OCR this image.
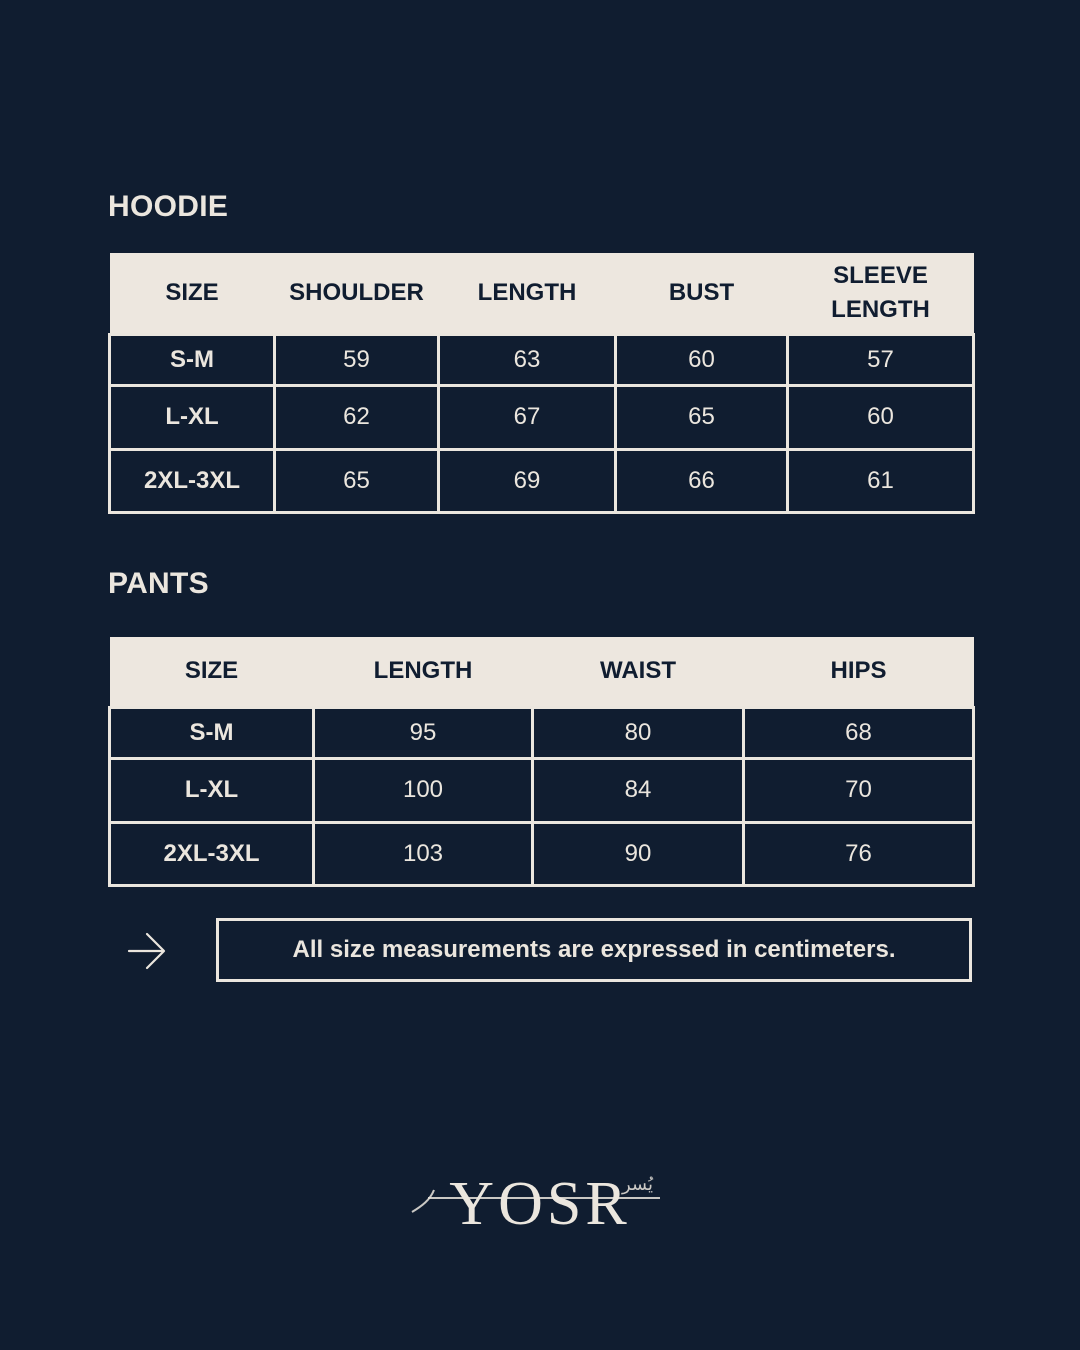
HOODIE
SIZE	SHOULDER	LENGTH	BUST	SLEEVE LENGTH
S-M	59	63	60	57
L-XL	62	67	65	60
2XL-3XL	65	69	66	61
PANTS
SIZE	LENGTH	WAIST	HIPS
S-M	95	80	68
L-XL	100	84	70
2XL-3XL	103	90	76
All size measurements are expressed in centimeters.
YOSR
يُسر
